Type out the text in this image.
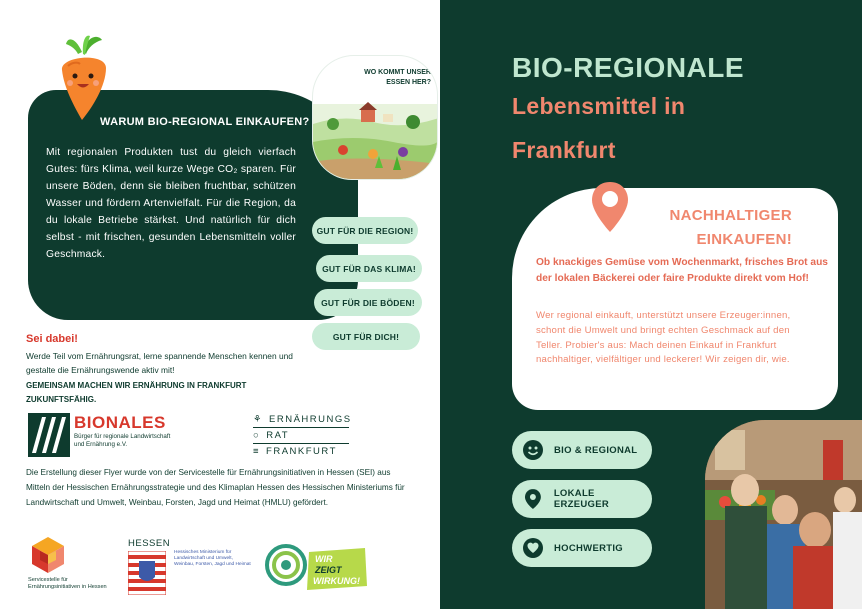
WARUM BIO-REGIONAL EINKAUFEN?
Mit regionalen Produkten tust du gleich vierfach Gutes: fürs Klima, weil kurze Wege CO₂ sparen. Für unsere Böden, denn sie bleiben fruchtbar, schützen Wasser und fördern Artenvielfalt. Für die Region, da du lokale Betriebe stärkst. Und natürlich für dich selbst - mit frischen, gesunden Lebensmitteln voller Geschmack.
WO KOMMT UNSER ESSEN HER?
GUT FÜR DIE REGION!
GUT FÜR DAS KLIMA!
GUT FÜR DIE BÖDEN!
GUT FÜR DICH!
Sei dabei!
Werde Teil vom Ernährungsrat, lerne spannende Menschen kennen und gestalte die Ernährungswende aktiv mit!
GEMEINSAM MACHEN WIR ERNÄHRUNG IN FRANKFURT ZUKUNFTSFÄHIG.
BIONALES
Bürger für regionale Landwirtschaft und Ernährung e.V.
⚘ ERNÄHRUNGS
○ RAT
≡ FRANKFURT
Die Erstellung dieser Flyer wurde von der Servicestelle für Ernährungsinitiativen in Hessen (SEI) aus Mitteln der Hessischen Ernährungsstrategie und des Klimaplan Hessen des Hessischen Ministeriums für Landwirtschaft und Umwelt, Weinbau, Forsten, Jagd und Heimat (HMLU) gefördert.
Servicestelle für Ernährungsinitiativen in Hessen
HESSEN
Hessisches Ministerium für Landwirtschaft und Umwelt, Weinbau, Forsten, Jagd und Heimat
WIR
ZEIGT
WIRKUNG!
BIO-REGIONALE
Lebensmittel in
Frankfurt
NACHHALTIGER
EINKAUFEN!
Ob knackiges Gemüse vom Wochenmarkt, frisches Brot aus der lokalen Bäckerei oder faire Produkte direkt vom Hof!
Wer regional einkauft, unterstützt unsere Erzeuger:innen, schont die Umwelt und bringt echten Geschmack auf den Teller. Probier's aus: Mach deinen Einkauf in Frankfurt nachhaltiger, vielfältiger und leckerer! Wir zeigen dir, wie.
BIO & REGIONAL
LOKALE ERZEUGER
HOCHWERTIG
